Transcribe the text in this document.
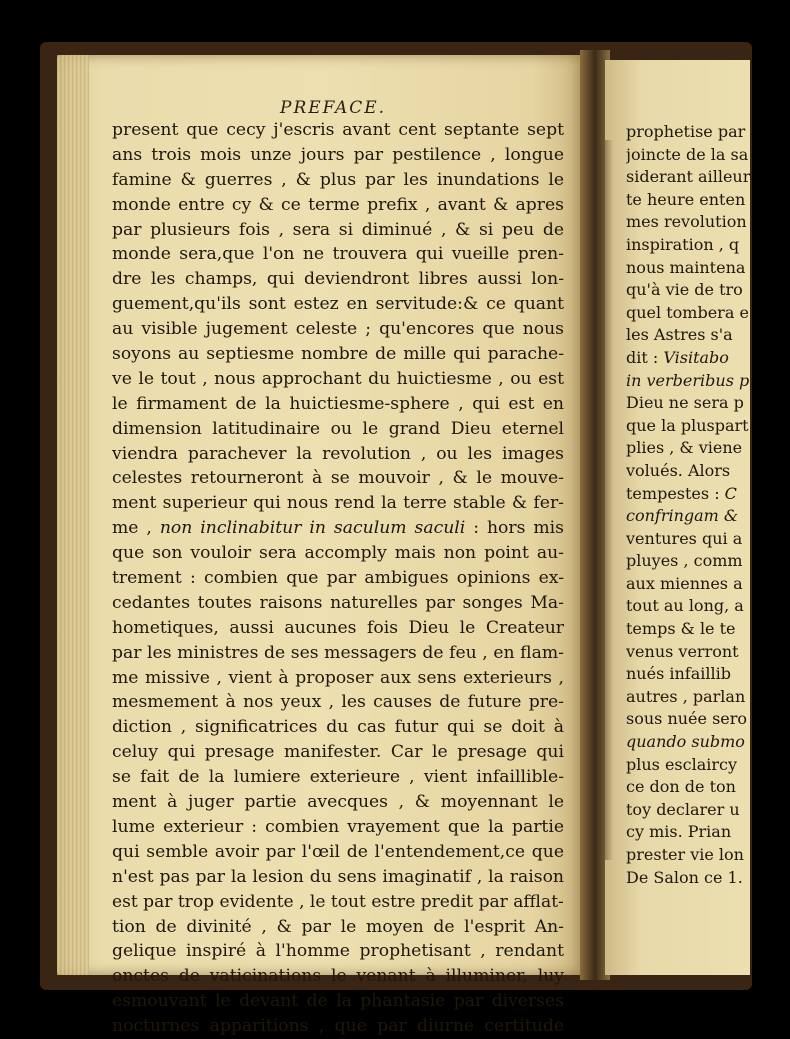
PREFACE.
present que cecy j'escris avant cent septante sept
ans trois mois unze jours par pestilence , longue
famine & guerres , & plus par les inundations le
monde entre cy & ce terme prefix , avant & apres
par plusieurs fois , sera si diminué , & si peu de
monde sera,que l'on ne trouvera qui vueille pren-
dre les champs, qui deviendront libres aussi lon-
guement,qu'ils sont estez en servitude:& ce quant
au visible jugement celeste ; qu'encores que nous
soyons au septiesme nombre de mille qui parache-
ve le tout , nous approchant du huictiesme , ou est
le firmament de la huictiesme-sphere , qui est en
dimension latitudinaire ou le grand Dieu eternel
viendra parachever la revolution , ou les images
celestes retourneront à se mouvoir , & le mouve-
ment superieur qui nous rend la terre stable & fer-
me , non inclinabitur in saculum saculi : hors mis
que son vouloir sera accomply mais non point au-
trement : combien que par ambigues opinions ex-
cedantes toutes raisons naturelles par songes Ma-
hometiques, aussi aucunes fois Dieu le Createur
par les ministres de ses messagers de feu , en flam-
me missive , vient à proposer aux sens exterieurs ,
mesmement à nos yeux , les causes de future pre-
diction , significatrices du cas futur qui se doit à
celuy qui presage manifester. Car le presage qui
se fait de la lumiere exterieure , vient infaillible-
ment à juger partie avecques , & moyennant le
lume exterieur : combien vrayement que la partie
qui semble avoir par l'œil de l'entendement,ce que
n'est pas par la lesion du sens imaginatif , la raison
est par trop evidente , le tout estre predit par afflat-
tion de divinité , & par le moyen de l'esprit An-
gelique inspiré à l'homme prophetisant , rendant
onctes de vaticinations le venant à illuminer, luy
esmouvant le devant de la phantasie par diverses
nocturnes apparitions , que par diurne certitude
prophetise par
joincte de la sa
siderant ailleur
te heure enten
mes revolution
inspiration , q
nous maintena
qu'à vie de tro
quel tombera e
les Astres s'a
dit : Visitabo
in verberibus p
Dieu ne sera p
que la pluspart
plies , & viene
volués. Alors
tempestes : C
confringam &
ventures qui a
pluyes , comm
aux miennes a
tout au long, a
temps & le te
venus verront
nués infaillib
autres , parlan
sous nuée sero
quando submo
plus esclaircy
ce don de ton
toy declarer u
cy mis. Prian
prester vie lon
De Salon ce 1.
